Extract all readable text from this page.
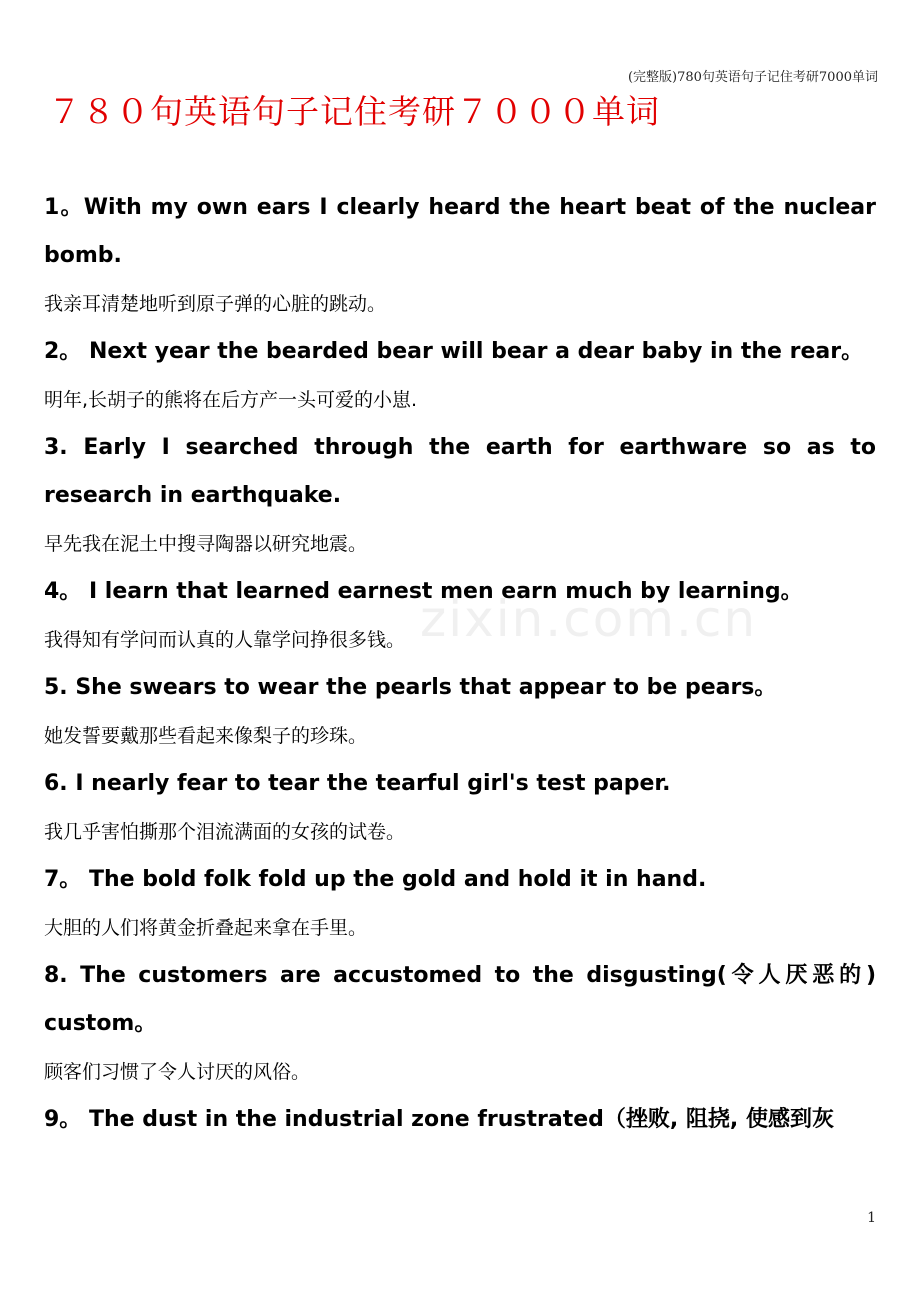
(完整版)780句英语句子记住考研7000单词
７８０句英语句子记住考研７０００单词
zixin.com.cn

1。With my own ears I clearly heard the heart beat of the nuclear bomb.

我亲耳清楚地听到原子弹的心脏的跳动。

2。 Next year the bearded bear will bear a dear baby in the rear。

明年,长胡子的熊将在后方产一头可爱的小崽.

3. Early I searched through the earth for earthware so as to research in earthquake.

早先我在泥土中搜寻陶器以研究地震。

4。 I learn that learned earnest men earn much by learning。

我得知有学问而认真的人靠学问挣很多钱。

5. She swears to wear the pearls that appear to be pears。

她发誓要戴那些看起来像梨子的珍珠。

6. I nearly fear to tear the tearful girl's test paper.

我几乎害怕撕那个泪流满面的女孩的试卷。

7。 The bold folk fold up the gold and hold it in hand.

大胆的人们将黄金折叠起来拿在手里。

8. The customers are accustomed to the disgusting(令人厌恶的) custom。

顾客们习惯了令人讨厌的风俗。

9。 The dust in the industrial zone frustrated（挫败, 阻挠, 使感到灰

1
